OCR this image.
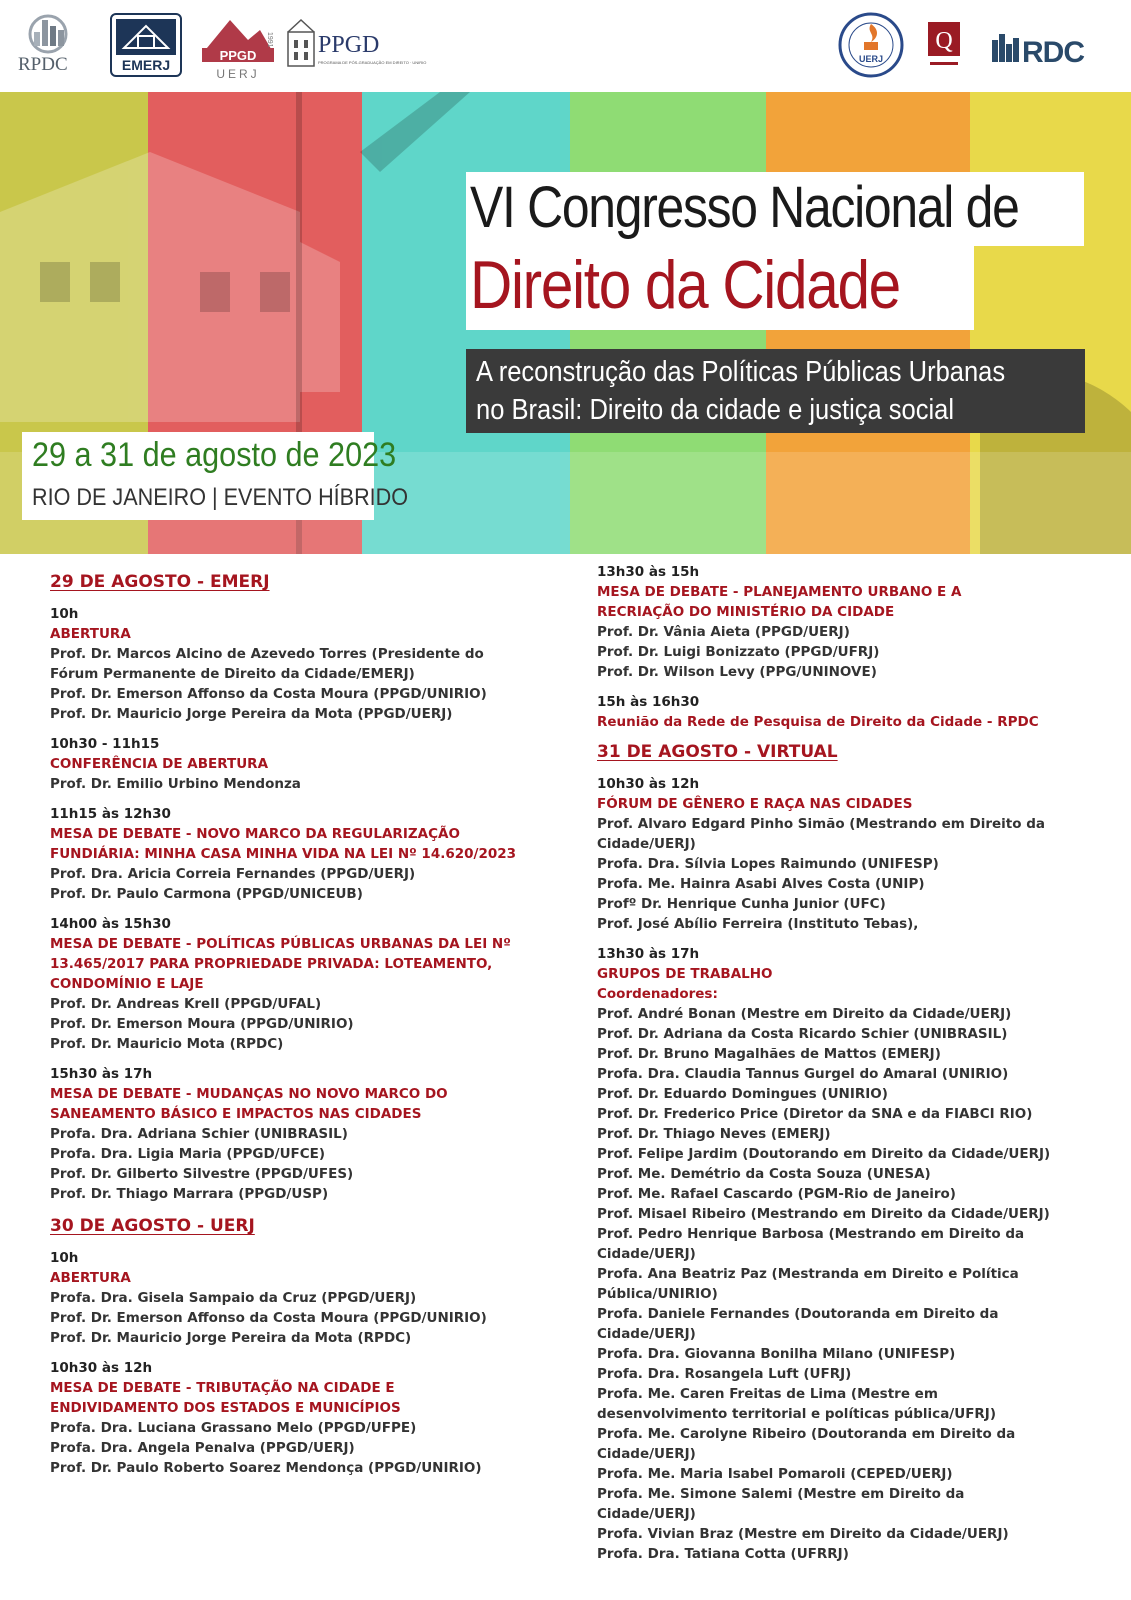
RPDC	EMERJ
PPGD
UERJ
1991 PPGD
PROGRAMA DE PÓS-GRADUAÇÃO EM DIREITO · UNIRIO	UERJ
Q RDC
VI Congresso Nacional de
Direito da Cidade
A reconstrução das Políticas Públicas Urbanas
no Brasil: Direito da cidade e justiça social
29 a 31 de agosto de 2023
RIO DE JANEIRO | EVENTO HÍBRIDO
29 DE AGOSTO - EMERJ
10h
ABERTURA
Prof. Dr. Marcos Alcino de Azevedo Torres (Presidente do
Fórum Permanente de Direito da Cidade/EMERJ)
Prof. Dr. Emerson Affonso da Costa Moura (PPGD/UNIRIO)
Prof. Dr. Mauricio Jorge Pereira da Mota (PPGD/UERJ)
10h30 - 11h15
CONFERÊNCIA DE ABERTURA
Prof. Dr. Emilio Urbino Mendonza
11h15 às 12h30
MESA DE DEBATE - NOVO MARCO DA REGULARIZAÇÃO
FUNDIÁRIA: MINHA CASA MINHA VIDA NA LEI Nº 14.620/2023
Prof. Dra. Aricia Correia Fernandes (PPGD/UERJ)
Prof. Dr. Paulo Carmona (PPGD/UNICEUB)
14h00 às 15h30
MESA DE DEBATE - POLÍTICAS PÚBLICAS URBANAS DA LEI Nº
13.465/2017 PARA PROPRIEDADE PRIVADA: LOTEAMENTO,
CONDOMÍNIO E LAJE
Prof. Dr. Andreas Krell (PPGD/UFAL)
Prof. Dr. Emerson Moura (PPGD/UNIRIO)
Prof. Dr. Mauricio Mota (RPDC)
15h30 às 17h
MESA DE DEBATE - MUDANÇAS NO NOVO MARCO DO
SANEAMENTO BÁSICO E IMPACTOS NAS CIDADES
Profa. Dra. Adriana Schier (UNIBRASIL)
Profa. Dra. Ligia Maria (PPGD/UFCE)
Prof. Dr. Gilberto Silvestre (PPGD/UFES)
Prof. Dr. Thiago Marrara (PPGD/USP)
30 DE AGOSTO - UERJ
10h
ABERTURA
Profa. Dra. Gisela Sampaio da Cruz (PPGD/UERJ)
Prof. Dr. Emerson Affonso da Costa Moura (PPGD/UNIRIO)
Prof. Dr. Mauricio Jorge Pereira da Mota (RPDC)
10h30 às 12h
MESA DE DEBATE - TRIBUTAÇÃO NA CIDADE E
ENDIVIDAMENTO DOS ESTADOS E MUNICÍPIOS
Profa. Dra. Luciana Grassano Melo (PPGD/UFPE)
Profa. Dra. Angela Penalva (PPGD/UERJ)
Prof. Dr. Paulo Roberto Soarez Mendonça (PPGD/UNIRIO)
13h30 às 15h
MESA DE DEBATE - PLANEJAMENTO URBANO E A
RECRIAÇÃO DO MINISTÉRIO DA CIDADE
Prof. Dr. Vânia Aieta (PPGD/UERJ)
Prof. Dr. Luigi Bonizzato (PPGD/UFRJ)
Prof. Dr. Wilson Levy (PPG/UNINOVE)
15h às 16h30
Reunião da Rede de Pesquisa de Direito da Cidade - RPDC
31 DE AGOSTO - VIRTUAL
10h30 às 12h
FÓRUM DE GÊNERO E RAÇA NAS CIDADES
Prof. Alvaro Edgard Pinho Simão (Mestrando em Direito da
Cidade/UERJ)
Profa. Dra. Sílvia Lopes Raimundo (UNIFESP)
Profa. Me. Hainra Asabi Alves Costa (UNIP)
Profº Dr. Henrique Cunha Junior (UFC)
Prof. José Abílio Ferreira (Instituto Tebas),
13h30 às 17h
GRUPOS DE TRABALHO
Coordenadores:
Prof. André Bonan (Mestre em Direito da Cidade/UERJ)
Prof. Dr. Adriana da Costa Ricardo Schier (UNIBRASIL)
Prof. Dr. Bruno Magalhães de Mattos (EMERJ)
Profa. Dra. Claudia Tannus Gurgel do Amaral (UNIRIO)
Prof. Dr. Eduardo Domingues (UNIRIO)
Prof. Dr. Frederico Price (Diretor da SNA e da FIABCI RIO)
Prof. Dr. Thiago Neves (EMERJ)
Prof. Felipe Jardim (Doutorando em Direito da Cidade/UERJ)
Prof. Me. Demétrio da Costa Souza (UNESA)
Prof. Me. Rafael Cascardo (PGM-Rio de Janeiro)
Prof. Misael Ribeiro (Mestrando em Direito da Cidade/UERJ)
Prof. Pedro Henrique Barbosa (Mestrando em Direito da
Cidade/UERJ)
Profa. Ana Beatriz Paz (Mestranda em Direito e Política
Pública/UNIRIO)
Profa. Daniele Fernandes (Doutoranda em Direito da
Cidade/UERJ)
Profa. Dra. Giovanna Bonilha Milano (UNIFESP)
Profa. Dra. Rosangela Luft (UFRJ)
Profa. Me. Caren Freitas de Lima (Mestre em
desenvolvimento territorial e políticas pública/UFRJ)
Profa. Me. Carolyne Ribeiro (Doutoranda em Direito da
Cidade/UERJ)
Profa. Me. Maria Isabel Pomaroli (CEPED/UERJ)
Profa. Me. Simone Salemi (Mestre em Direito da
Cidade/UERJ)
Profa. Vivian Braz (Mestre em Direito da Cidade/UERJ)
Profa. Dra. Tatiana Cotta (UFRRJ)
